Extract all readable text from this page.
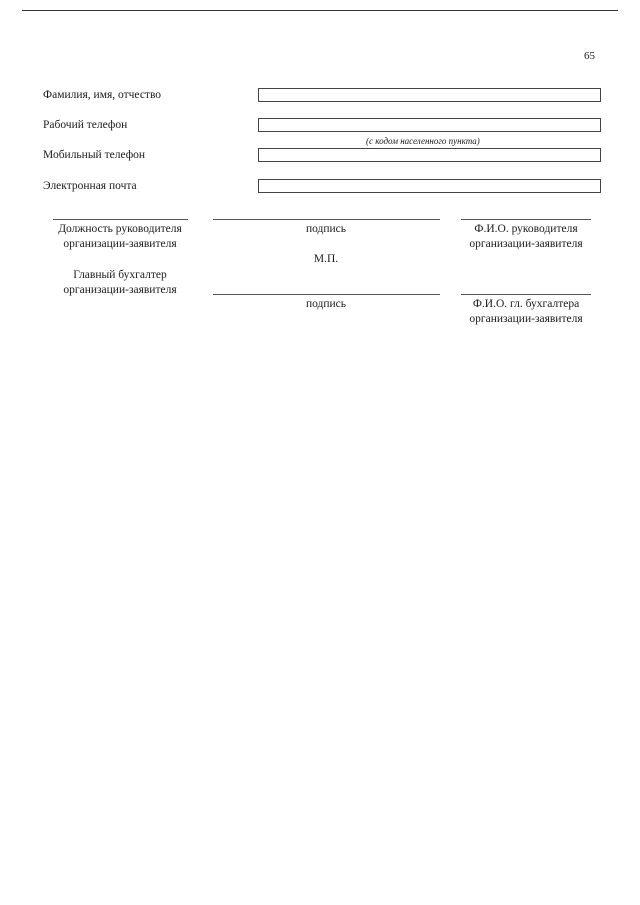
65
Фамилия, имя, отчество
Рабочий телефон
(с кодом населенного пункта)
Мобильный телефон
Электронная почта
Должность руководителя
организации-заявителя
подпись	Ф.И.О. руководителя
организации-заявителя
М.П.
Главный бухгалтер
организации-заявителя
подпись	Ф.И.О. гл. бухгалтера
организации-заявителя
